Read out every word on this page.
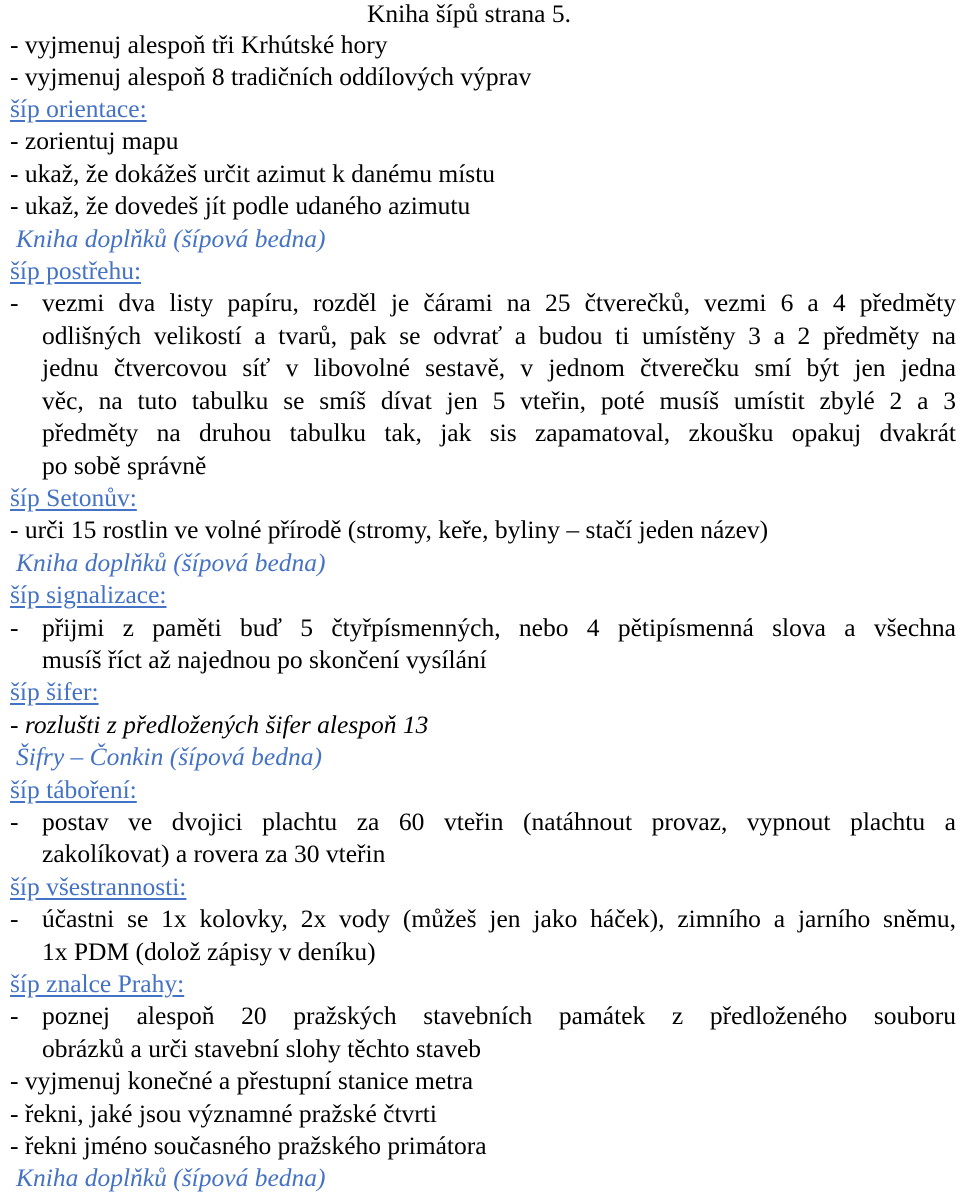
Kniha šípů strana 5.
- vyjmenuj alespoň tři Krhútské hory
- vyjmenuj alespoň 8 tradičních oddílových výprav
šíp orientace:
- zorientuj mapu
- ukaž, že dokážeš určit azimut k danému místu
- ukaž, že dovedeš jít podle udaného azimutu
Kniha doplňků (šípová bedna)
šíp postřehu:
- vezmi dva listy papíru, rozděl je čárami na 25 čtverečků, vezmi 6 a 4 předměty
odlišných velikostí a tvarů, pak se odvrať a budou ti umístěny 3 a 2 předměty na
jednu čtvercovou síť v libovolné sestavě, v jednom čtverečku smí být jen jedna
věc, na tuto tabulku se smíš dívat jen 5 vteřin, poté musíš umístit zbylé 2 a 3
předměty na druhou tabulku tak, jak sis zapamatoval, zkoušku opakuj dvakrát
po sobě správně
šíp Setonův:
- urči 15 rostlin ve volné přírodě (stromy, keře, byliny – stačí jeden název)
Kniha doplňků (šípová bedna)
šíp signalizace:
- přijmi z paměti buď 5 čtyřpísmenných, nebo 4 pětipísmenná slova a všechna
musíš říct až najednou po skončení vysílání
šíp šifer:
- rozlušti z předložených šifer alespoň 13
Šifry – Čonkin (šípová bedna)
šíp táboření:
- postav ve dvojici plachtu za 60 vteřin (natáhnout provaz, vypnout plachtu a
zakolíkovat) a rovera za 30 vteřin
šíp všestrannosti:
- účastni se 1x kolovky, 2x vody (můžeš jen jako háček), zimního a jarního sněmu,
1x PDM (dolož zápisy v deníku)
šíp znalce Prahy:
- poznej alespoň 20 pražských stavebních památek z předloženého souboru
obrázků a urči stavební slohy těchto staveb
- vyjmenuj konečné a přestupní stanice metra
- řekni, jaké jsou významné pražské čtvrti
- řekni jméno současného pražského primátora
Kniha doplňků (šípová bedna)
